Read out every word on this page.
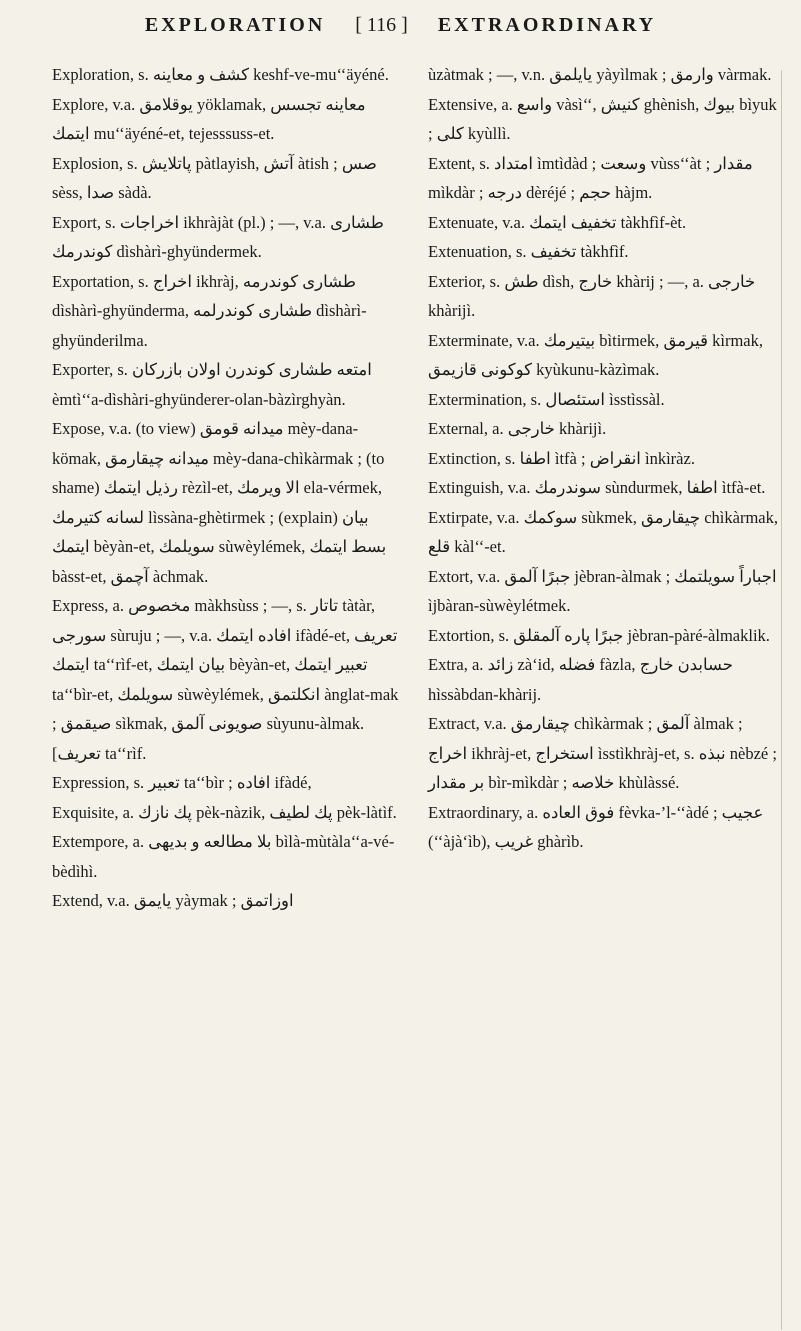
EXPLORATION [ 116 ] EXTRAORDINARY

Exploration, s. کشف و معاینه keshf-ve-mu‘‘äyéné.

Explore, v.a. یوقلامق yöklamak, معاینه تجسس ایتمك mu‘‘äyéné-et, tejesssuss-et.

Explosion, s. پاتلايش pàtlayish, آتش àtish ; صس sèss, صدا sàdà.

Export, s. اخراجات ikhràjàt (pl.) ; —, v.a. طشاری کوندرمك dìshàrì-ghyündermek.

Exportation, s. اخراج ikhràj, طشاری کوندرمه dìshàrì-ghyünderma, طشاری کوندرلمه dìshàrì-ghyünderilma.

Exporter, s. امتعه طشاری کوندرن اولان بازرکان èmtì‘‘a-dìshàri-ghyünderer-olan-bàzìrghyàn.

Expose, v.a. (to view) میدانه قومق mèy-dana-kömak, میدانه چیقارمق mèy-dana-chìkàrmak ; (to shame) رذیل ایتمك rèzìl-et, الا ویرمك ela-vérmek, لسانه کتیرمك lìssàna-ghètirmek ; (explain) بیان ایتمك bèyàn-et, سویلمك sùwèylémek, بسط ایتمك bàsst-et, آچمق àchmak.

Express, a. مخصوص màkhsùss ; —, s. تاتار tàtàr, سورجی sùruju ; —, v.a. افاده ایتمك ifàdé-et, تعریف ایتمك ta‘‘rìf-et, بیان ایتمك bèyàn-et, تعبیر ایتمك ta‘‘bìr-et, سویلمك sùwèylémek, انکلتمق ànglat-mak ; صیقمق sìkmak, صویونی آلمق sùyunu-àlmak. [تعریف ta‘‘rìf.

Expression, s. تعبیر ta‘‘bìr ; افاده ifàdé,

Exquisite, a. پك نازك pèk-nàzik, پك لطیف pèk-làtìf.

Extempore, a. بلا مطالعه و بدیهی bìlà-mùtàla‘‘a-vé-bèdìhì.

Extend, v.a. یایمق yàymak ; اوزاتمق

ùzàtmak ; —, v.n. یایلمق yàyìlmak ; وارمق vàrmak.

Extensive, a. واسع vàsì‘‘, کنیش ghènish, بیوك bìyuk ; کلی kyùllì.

Extent, s. امتداد ìmtìdàd ; وسعت vùss‘‘àt ; مقدار mìkdàr ; درجه dèréjé ; حجم hàjm.

Extenuate, v.a. تخفیف ایتمك tàkhfìf-èt.

Extenuation, s. تخفیف tàkhfìf.

Exterior, s. طش dìsh, خارج khàrij ; —, a. خارجی khàrijì.

Exterminate, v.a. بیتیرمك bìtirmek, قیرمق kìrmak, کوکونی قازیمق kyùkunu-kàzìmak.

Extermination, s. استئصال ìsstìssàl.

External, a. خارجی khàrijì.

Extinction, s. اطفا ìtfà ; انقراض ìnkìràz.

Extinguish, v.a. سوندرمك sùndurmek, اطفا ìtfà-et.

Extirpate, v.a. سوکمك sùkmek, چیقارمق chìkàrmak, قلع kàl‘‘-et.

Extort, v.a. جبرًا آلمق jèbran-àlmak ; اجباراً سویلتمك ìjbàran-sùwèylétmek.

Extortion, s. جبرًا پاره آلمقلق jèbran-pàré-àlmaklik.

Extra, a. زائد zà‘id, فضله fàzla, حسابدن خارج hìssàbdan-khàrij.

Extract, v.a. چیقارمق chìkàrmak ; آلمق àlmak ; اخراج ikhràj-et, استخراج ìsstìkhràj-et, s. نبذه nèbzé ; بر مقدار bìr-mìkdàr ; خلاصه khùlàssé.

Extraordinary, a. فوق العاده fèvka-’l-‘‘àdé ; عجیب (‘‘àjà‘ìb), غریب ghàrìb.
